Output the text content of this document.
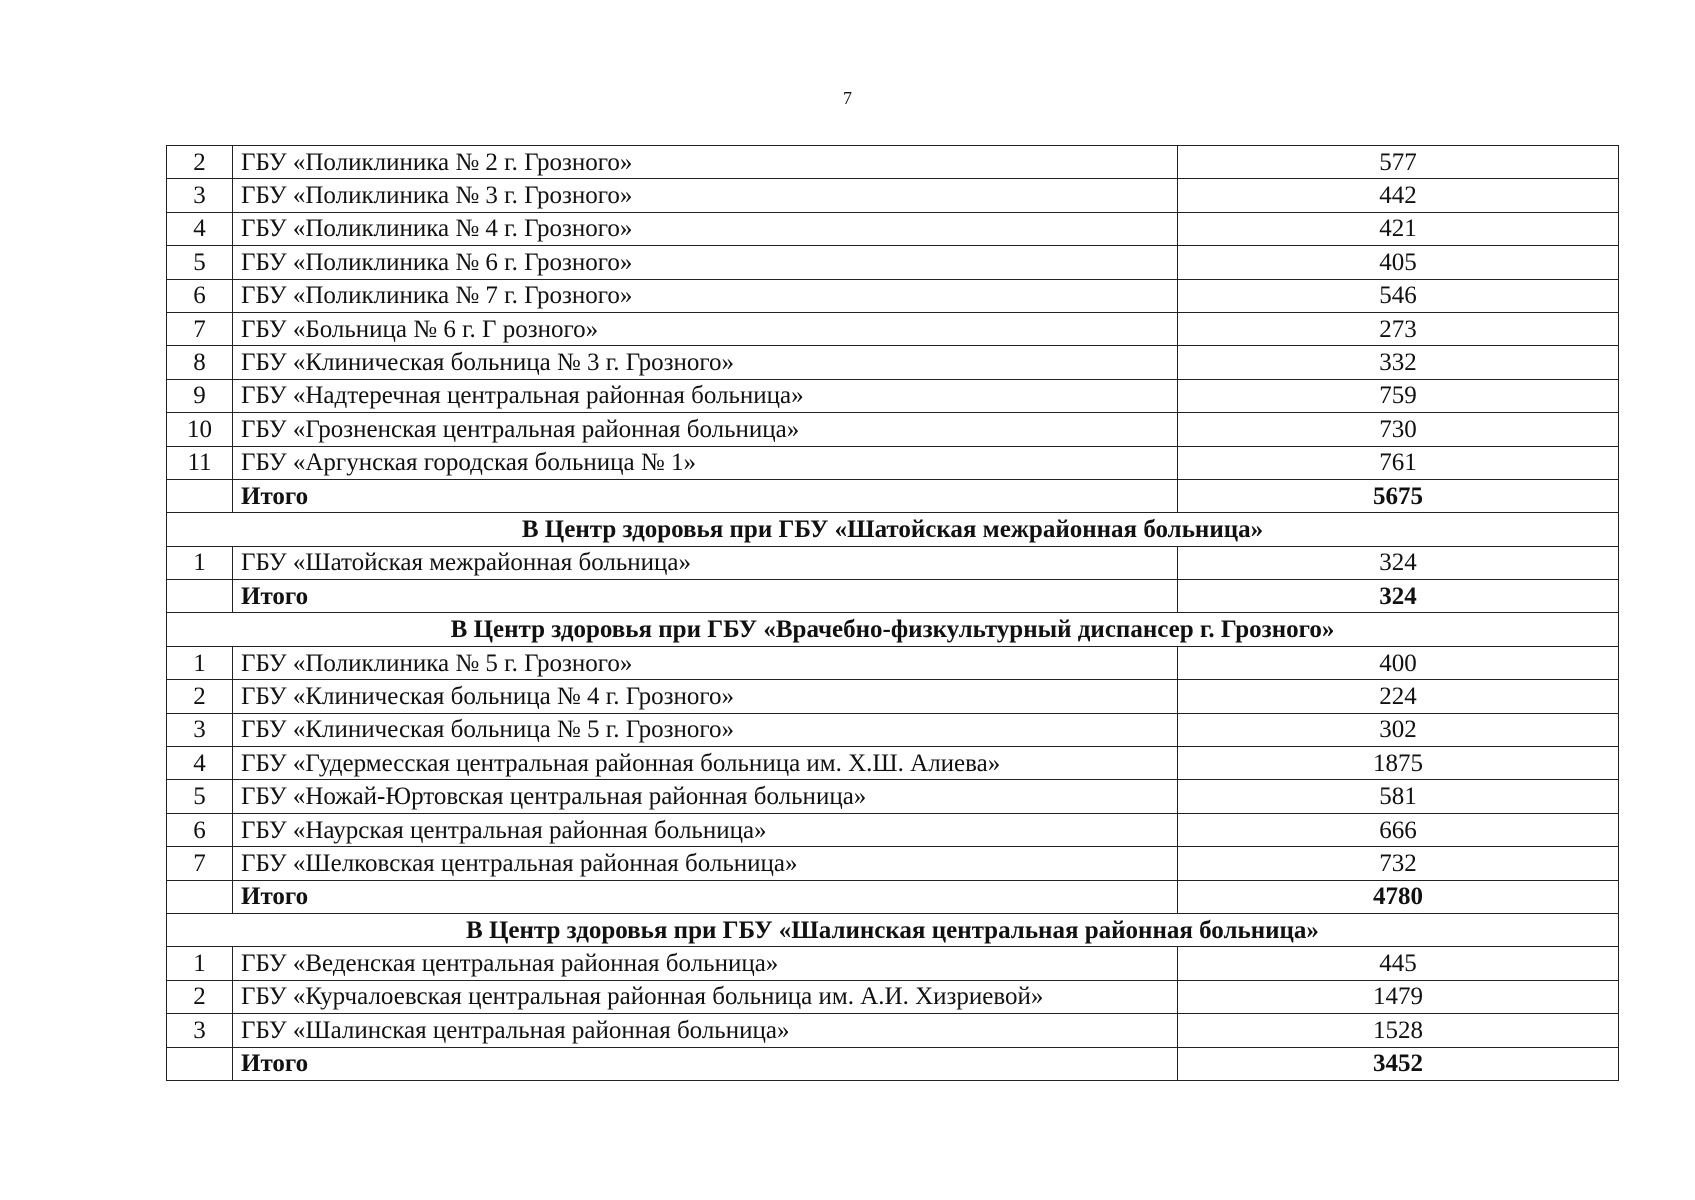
7
2	ГБУ «Поликлиника № 2 г. Грозного»	577
3	ГБУ «Поликлиника № 3 г. Грозного»	442
4	ГБУ «Поликлиника № 4 г. Грозного»	421
5	ГБУ «Поликлиника № 6 г. Грозного»	405
6	ГБУ «Поликлиника № 7 г. Грозного»	546
7	ГБУ «Больница № 6 г. Г розного»	273
8	ГБУ «Клиническая больница № 3 г. Грозного»	332
9	ГБУ «Надтеречная центральная районная больница»	759
10	ГБУ «Грозненская центральная районная больница»	730
11	ГБУ «Аргунская городская больница № 1»	761
	Итого	5675
В Центр здоровья при ГБУ «Шатойская межрайонная больница»		
1	ГБУ «Шатойская межрайонная больница»	324
	Итого	324
В Центр здоровья при ГБУ «Врачебно-физкультурный диспансер г. Грозного»		
1	ГБУ «Поликлиника № 5 г. Грозного»	400
2	ГБУ «Клиническая больница № 4 г. Грозного»	224
3	ГБУ «Клиническая больница № 5 г. Грозного»	302
4	ГБУ «Гудермесская центральная районная больница им. Х.Ш. Алиева»	1875
5	ГБУ «Ножай-Юртовская центральная районная больница»	581
6	ГБУ «Наурская центральная районная больница»	666
7	ГБУ «Шелковская центральная районная больница»	732
	Итого	4780
В Центр здоровья при ГБУ «Шалинская центральная районная больница»		
1	ГБУ «Веденская центральная районная больница»	445
2	ГБУ «Курчалоевская центральная районная больница им. А.И. Хизриевой»	1479
3	ГБУ «Шалинская центральная районная больница»	1528
	Итого	3452
